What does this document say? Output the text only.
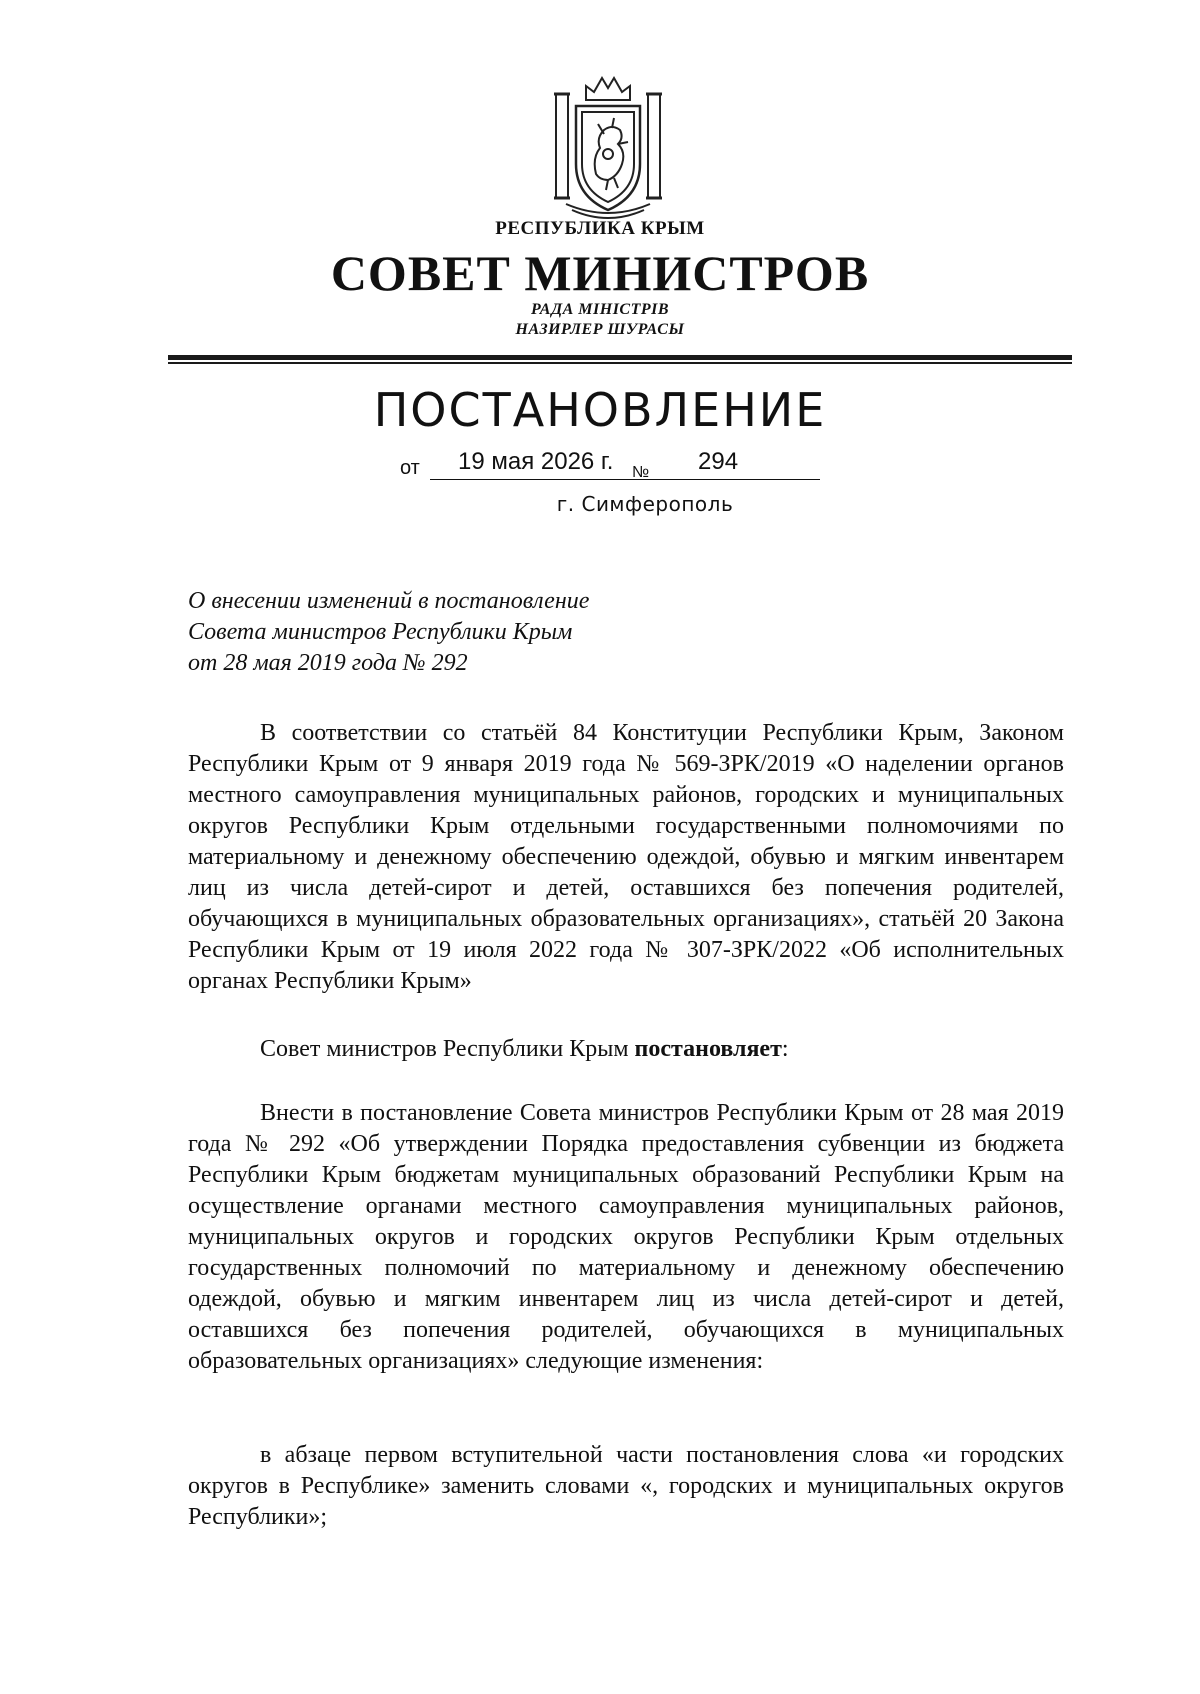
РЕСПУБЛИКА КРЫМ
СОВЕТ МИНИСТРОВ
РАДА МІНІСТРІВ
НАЗИРЛЕР ШУРАСЫ
ПОСТАНОВЛЕНИЕ
от 19 мая 2026 г. № 294
г. Симферополь
О внесении изменений в постановление
Совета министров Республики Крым
от 28 мая 2019 года № 292

В соответствии со статьёй 84 Конституции Республики Крым, Законом Республики Крым от 9 января 2019 года № 569-ЗРК/2019 «О наделении органов местного самоуправления муниципальных районов, городских и муниципальных округов Республики Крым отдельными государственными полномочиями по материальному и денежному обеспечению одеждой, обувью и мягким инвентарем лиц из числа детей-сирот и детей, оставшихся без попечения родителей, обучающихся в муниципальных образовательных организациях», статьёй 20 Закона Республики Крым от 19 июля 2022 года № 307-ЗРК/2022 «Об исполнительных органах Республики Крым»

Совет министров Республики Крым постановляет:

Внести в постановление Совета министров Республики Крым от 28 мая 2019 года № 292 «Об утверждении Порядка предоставления субвенции из бюджета Республики Крым бюджетам муниципальных образований Республики Крым на осуществление органами местного самоуправления муниципальных районов, муниципальных округов и городских округов Республики Крым отдельных государственных полномочий по материальному и денежному обеспечению одеждой, обувью и мягким инвентарем лиц из числа детей-сирот и детей, оставшихся без попечения родителей, обучающихся в муниципальных образовательных организациях» следующие изменения:

в абзаце первом вступительной части постановления слова «и городских округов в Республике» заменить словами «, городских и муниципальных округов Республики»;
